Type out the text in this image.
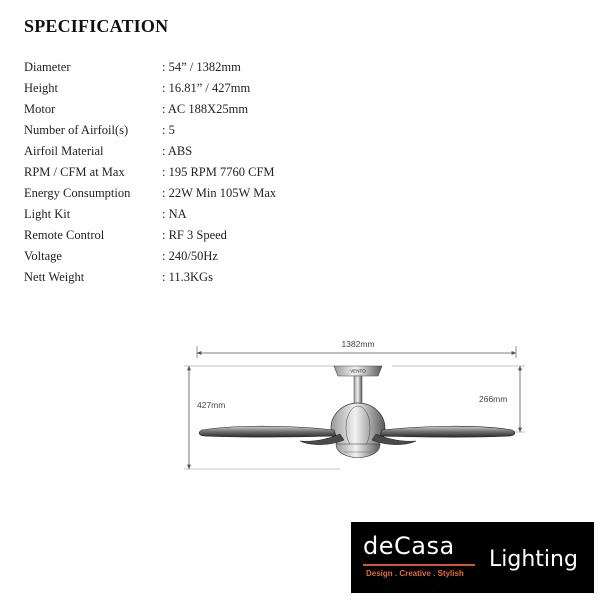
SPECIFICATION
Diameter	: 54” / 1382mm
Height	: 16.81” / 427mm
Motor	: AC 188X25mm
Number of Airfoil(s)	: 5
Airfoil Material	: ABS
RPM / CFM at Max	: 195 RPM 7760 CFM
Energy Consumption	: 22W Min 105W Max
Light Kit	: NA
Remote Control	: RF 3 Speed
Voltage	: 240/50Hz
Nett Weight	: 11.3KGs
1382mm
427mm
266mm
VENTO
deCasa
Design . Creative . Stylish
Lighting
